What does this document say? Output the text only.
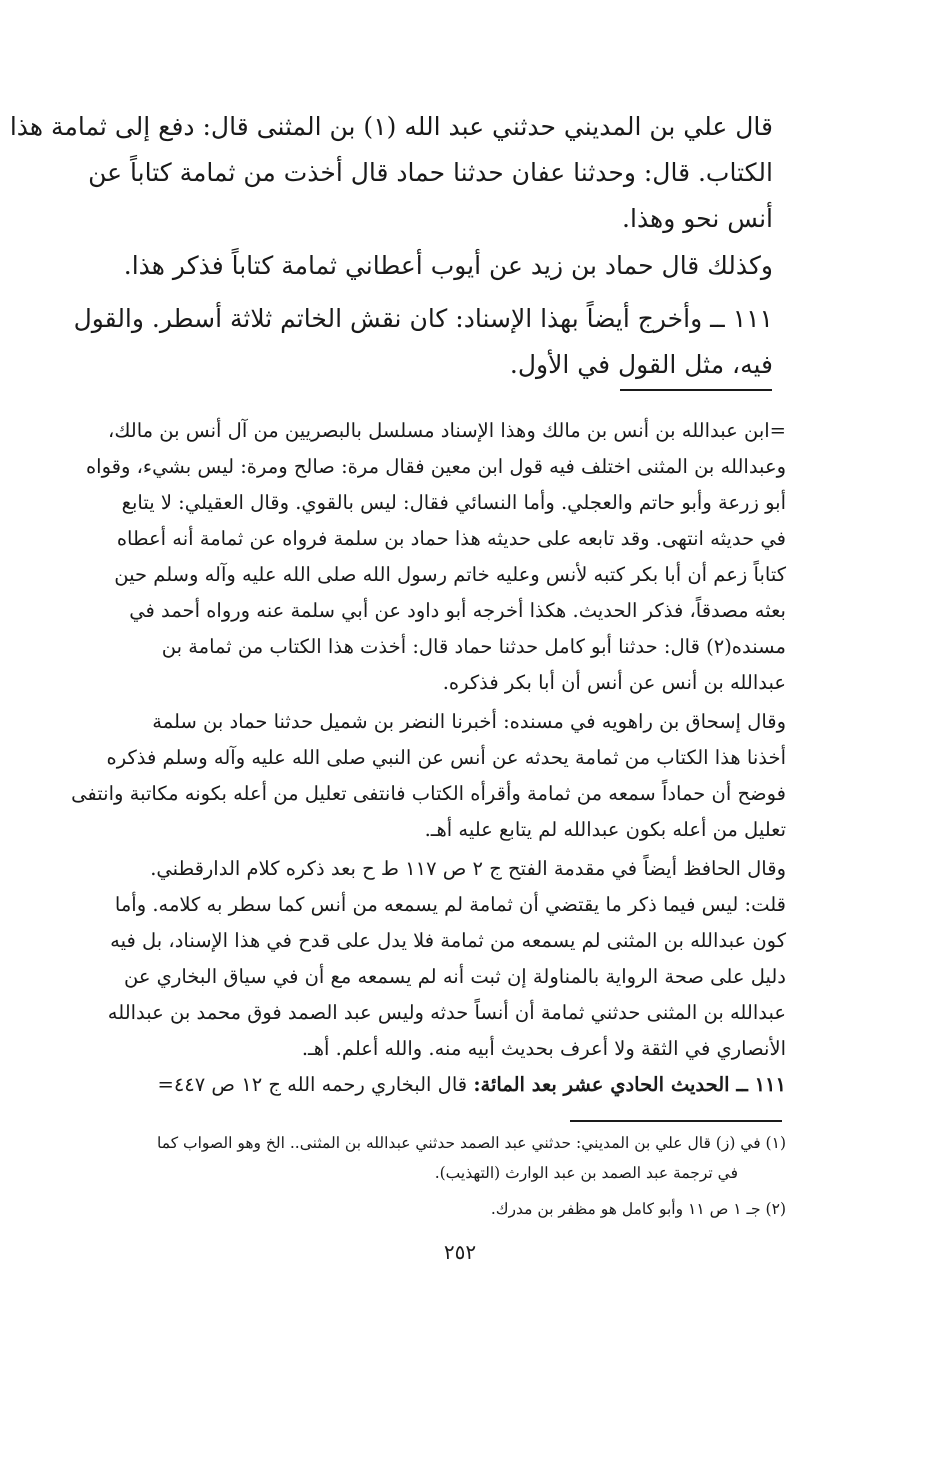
قال علي بن المديني حدثني عبد الله (١) بن المثنى قال: دفع إلى ثمامة هذا
الكتاب. قال: وحدثنا عفان حدثنا حماد قال أخذت من ثمامة كتاباً عن
أنس نحو وهذا.
وكذلك قال حماد بن زيد عن أيوب أعطاني ثمامة كتاباً فذكر هذا.
١١١ ــ وأخرج أيضاً بهذا الإسناد: كان نقش الخاتم ثلاثة أسطر. والقول
فيه، مثل القول في الأول.
=ابن عبدالله بن أنس بن مالك وهذا الإسناد مسلسل بالبصريين من آل أنس بن مالك،
وعبدالله بن المثنى اختلف فيه قول ابن معين فقال مرة: صالح ومرة: ليس بشيء، وقواه
أبو زرعة وأبو حاتم والعجلي. وأما النسائي فقال: ليس بالقوي. وقال العقيلي: لا يتابع
في حديثه انتهى. وقد تابعه على حديثه هذا حماد بن سلمة فرواه عن ثمامة أنه أعطاه
كتاباً زعم أن أبا بكر كتبه لأنس وعليه خاتم رسول الله صلى الله عليه وآله وسلم حين
بعثه مصدقاً، فذكر الحديث. هكذا أخرجه أبو داود عن أبي سلمة عنه ورواه أحمد في
مسنده(٢) قال: حدثنا أبو كامل حدثنا حماد قال: أخذت هذا الكتاب من ثمامة بن
عبدالله بن أنس عن أنس أن أبا بكر فذكره.
وقال إسحاق بن راهويه في مسنده: أخبرنا النضر بن شميل حدثنا حماد بن سلمة
أخذنا هذا الكتاب من ثمامة يحدثه عن أنس عن النبي صلى الله عليه وآله وسلم فذكره
فوضح أن حماداً سمعه من ثمامة وأقرأه الكتاب فانتفى تعليل من أعله بكونه مكاتبة وانتفى
تعليل من أعله بكون عبدالله لم يتابع عليه أهـ.
وقال الحافظ أيضاً في مقدمة الفتح ج ٢ ص ١١٧ ط ح بعد ذكره كلام الدارقطني.
قلت: ليس فيما ذكر ما يقتضي أن ثمامة لم يسمعه من أنس كما سطر به كلامه. وأما
كون عبدالله بن المثنى لم يسمعه من ثمامة فلا يدل على قدح في هذا الإسناد، بل فيه
دليل على صحة الرواية بالمناولة إن ثبت أنه لم يسمعه مع أن في سياق البخاري عن
عبدالله بن المثنى حدثني ثمامة أن أنساً حدثه وليس عبد الصمد فوق محمد بن عبدالله
الأنصاري في الثقة ولا أعرف بحديث أبيه منه. والله أعلم. أهـ.
١١١ ــ الحديث الحادي عشر بعد المائة: قال البخاري رحمه الله ج ١٢ ص ٤٤٧=
(١) في (ز) قال علي بن المديني: حدثني عبد الصمد حدثني عبدالله بن المثنى.. الخ وهو الصواب كما
في ترجمة عبد الصمد بن عبد الوارث (التهذيب).
(٢) جـ ١ ص ١١ وأبو كامل هو مظفر بن مدرك.
٢٥٢
